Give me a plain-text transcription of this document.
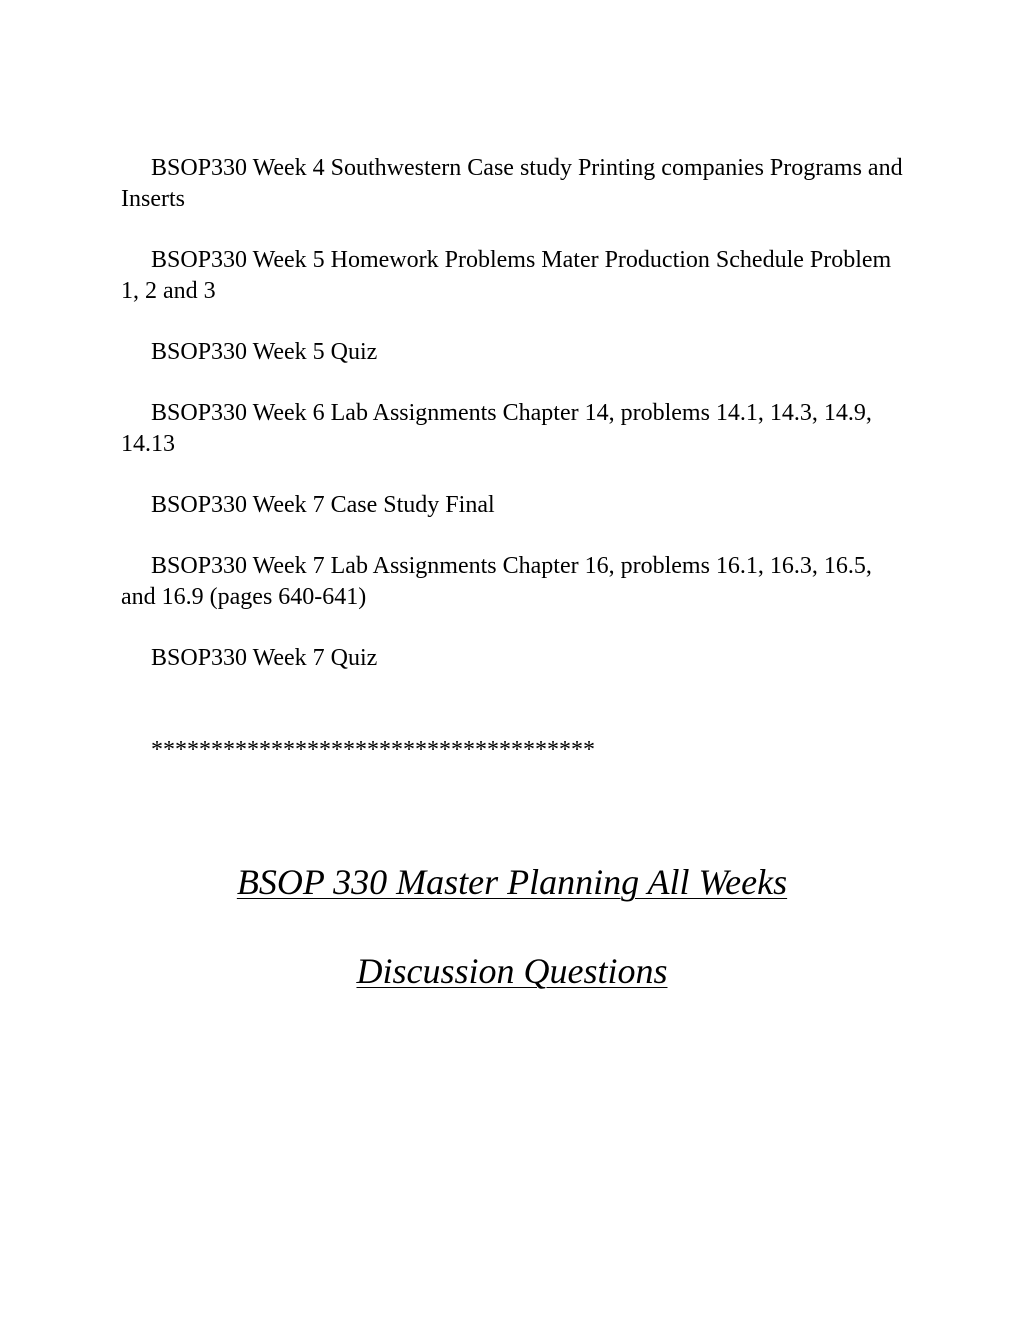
BSOP330 Week 4 Southwestern Case study Printing companies Programs and Inserts

BSOP330 Week 5 Homework Problems Mater Production Schedule Problem 1, 2 and 3

BSOP330 Week 5 Quiz

BSOP330 Week 6 Lab Assignments Chapter 14, problems 14.1, 14.3, 14.9, 14.13

BSOP330 Week 7 Case Study Final

BSOP330 Week 7 Lab Assignments Chapter 16, problems 16.1, 16.3, 16.5, and 16.9 (pages 640-641)

BSOP330 Week 7 Quiz

*************************************
BSOP 330 Master Planning All Weeks
Discussion Questions
